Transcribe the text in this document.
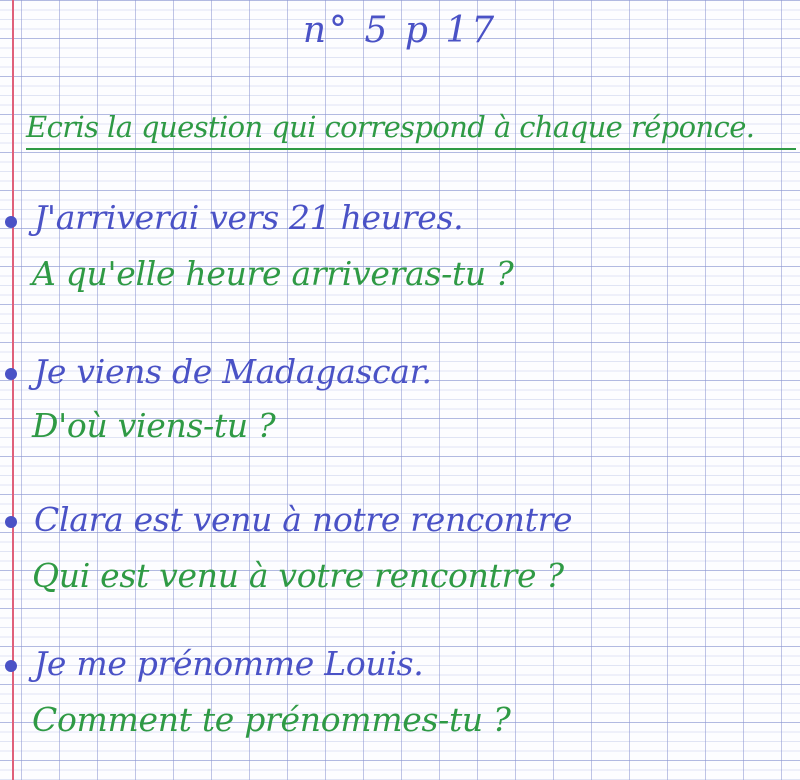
n° 5 p 17
Ecris la question qui correspond à chaque réponce.
J'arriverai vers 21 heures.
A qu'elle heure arriveras-tu ?
Je viens de Madagascar.
D'où viens-tu ?
Clara est venu à notre rencontre
Qui est venu à votre rencontre ?
Je me prénomme Louis.
Comment te prénommes-tu ?
